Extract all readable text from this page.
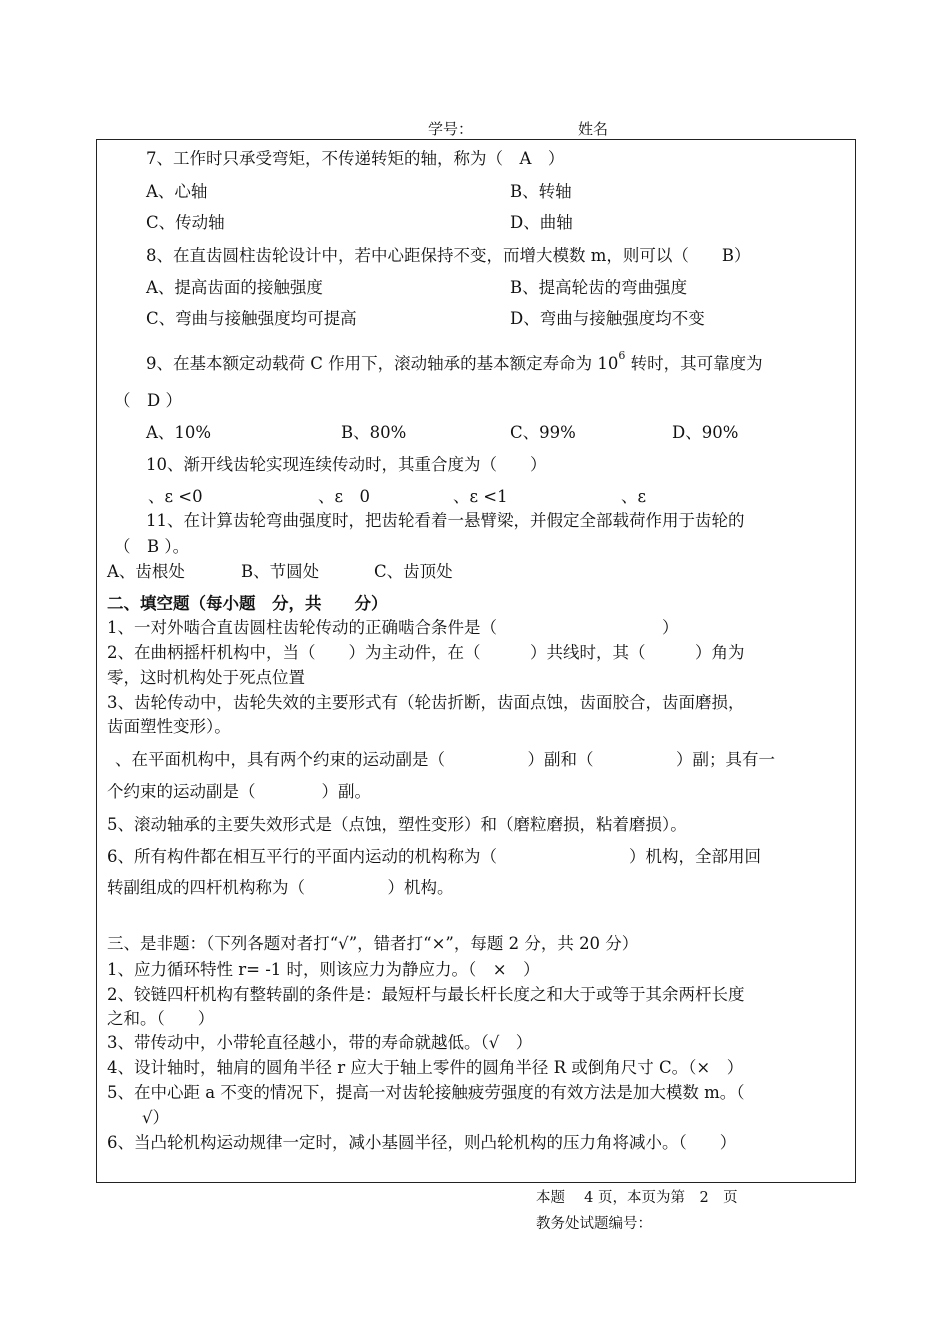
学号：	姓名
7、工作时只承受弯矩，不传递转矩的轴，称为（　A　）
A、心轴	B、转轴
C、传动轴	D、曲轴
8、在直齿圆柱齿轮设计中，若中心距保持不变，而增大模数 m，则可以（　　B）
A、提高齿面的接触强度	B、提高轮齿的弯曲强度
C、弯曲与接触强度均可提高	D、弯曲与接触强度均不变
9、在基本额定动载荷 C 作用下，滚动轴承的基本额定寿命为 $10^6$ 转时，其可靠度为
（　D ）
A、10%	B、80%	C、99%	D、90%
10、渐开线齿轮实现连续传动时，其重合度为（　　）
、ε <0	、ε　0	、ε <1	、ε
11、在计算齿轮弯曲强度时，把齿轮看着一悬臂梁，并假定全部载荷作用于齿轮的
（　B ）。
A、齿根处	B、节圆处	C、齿顶处
二、填空题（每小题　分，共　　分）
1、一对外啮合直齿圆柱齿轮传动的正确啮合条件是（　　　　　　　　　　）
2、在曲柄摇杆机构中，当（　　）为主动件，在（　　　）共线时，其（　　　）角为
零，这时机构处于死点位置
3、齿轮传动中，齿轮失效的主要形式有（轮齿折断，齿面点蚀，齿面胶合，齿面磨损，
齿面塑性变形）。
、在平面机构中，具有两个约束的运动副是（　　　　　）副和（　　　　　）副；具有一
个约束的运动副是（　　　　）副。
5、滚动轴承的主要失效形式是（点蚀，塑性变形）和（磨粒磨损，粘着磨损）。
6、所有构件都在相互平行的平面内运动的机构称为（　　　　　　　　）机构，全部用回
转副组成的四杆机构称为（　　　　　）机构。
三、是非题：（下列各题对者打“√”，错者打“×”，每题 2 分，共 20 分）
1、应力循环特性 r= -1 时，则该应力为静应力。（　×　）
2、铰链四杆机构有整转副的条件是：最短杆与最长杆长度之和大于或等于其余两杆长度
之和。（　　）
3、带传动中，小带轮直径越小，带的寿命就越低。（√　）
4、设计轴时，轴肩的圆角半径 r 应大于轴上零件的圆角半径 R 或倒角尺寸 C。（×　）
5、在中心距 a 不变的情况下，提高一对齿轮接触疲劳强度的有效方法是加大模数 m。（
√）
6、当凸轮机构运动规律一定时，减小基圆半径，则凸轮机构的压力角将减小。（　　）
本题　 4 页，本页为第　2　页
教务处试题编号：
